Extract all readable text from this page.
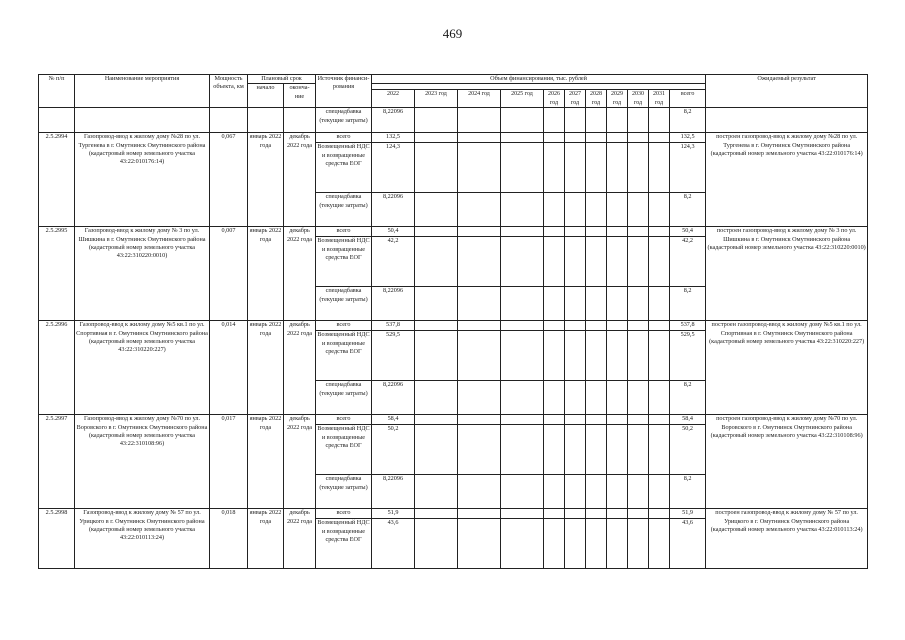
469
№ п/п	Наименование мероприятия	Мощность объекта, км	Плановый срок		Источник финанси-рования	Объем финансирования, тыс. рублей											Ожидаемый результат
			начало	оконча-ние													
						2022	2023 год	2024 год	2025 год	2026 год	2027 год	2028 год	2029 год	2030 год	2031 год	всего	
					спецнадбавка (текущие затраты)	8,22096										8,2	
2.5.2994	Газопровод-ввод к жилому дому №28 по ул. Тургенева в г. Омутнинск Омутнинского района (кадастровый номер земельного участка 43:22:010176:14)	0,067	январь 2022 года	декабрь 2022 года	всего	132,5										132,5	построен газопровод-ввод к жилому дому №28 по ул. Тургенева в г. Омутнинск Омутнинского района (кадастровый номер земельного участка 43:22:010176:14)
					Возмещенный НДС и возвращенные средства ЕОГ	124,3										124,3	
					спецнадбавка (текущие затраты)	8,22096										8,2	
2.5.2995	Газопровод-ввод к жилому дому № 3 по ул. Шишкина в г. Омутнинск Омутнинского района (кадастровый номер земельного участка 43:22:310220:0010)	0,007	январь 2022 года	декабрь 2022 года	всего	50,4										50,4	построен газопровод-ввод к жилому дому № 3 по ул. Шишкина в г. Омутнинск Омутнинского района (кадастровый номер земельного участка 43:22:310220:0010)
					Возмещенный НДС и возвращенные средства ЕОГ	42,2										42,2	
					спецнадбавка (текущие затраты)	8,22096										8,2	
2.5.2996	Газопровод-ввод к жилому дому №5 кв.1 по ул. Спортивная в г. Омутнинск Омутнинского района (кадастровый номер земельного участка 43:22:310220:227)	0,014	январь 2022 года	декабрь 2022 года	всего	537,8										537,8	построен газопровод-ввод к жилому дому №5 кв.1 по ул. Спортивная в г. Омутнинск Омутнинского района (кадастровый номер земельного участка 43:22:310220:227)
					Возмещенный НДС и возвращенные средства ЕОГ	529,5										529,5	
					спецнадбавка (текущие затраты)	8,22096										8,2	
2.5.2997	Газопровод-ввод к жилому дому №70 по ул. Воровского в г. Омутнинск Омутнинского района (кадастровый номер земельного участка 43:22:310108:96)	0,017	январь 2022 года	декабрь 2022 года	всего	58,4										58,4	построен газопровод-ввод к жилому дому №70 по ул. Воровского в г. Омутнинск Омутнинского района (кадастровый номер земельного участка 43:22:310108:96)
					Возмещенный НДС и возвращенные средства ЕОГ	50,2										50,2	
					спецнадбавка (текущие затраты)	8,22096										8,2	
2.5.2998	Газопровод-ввод к жилому дому № 57 по ул. Урицкого в г. Омутнинск Омутнинского района (кадастровый номер земельного участка 43:22:010113:24)	0,018	январь 2022 года	декабрь 2022 года	всего	51,9										51,9	построен газопровод-ввод к жилому дому № 57 по ул. Урицкого в г. Омутнинск Омутнинского района (кадастровый номер земельного участка 43:22:010113:24)
					Возмещенный НДС и возвращенные средства ЕОГ	43,6										43,6	
